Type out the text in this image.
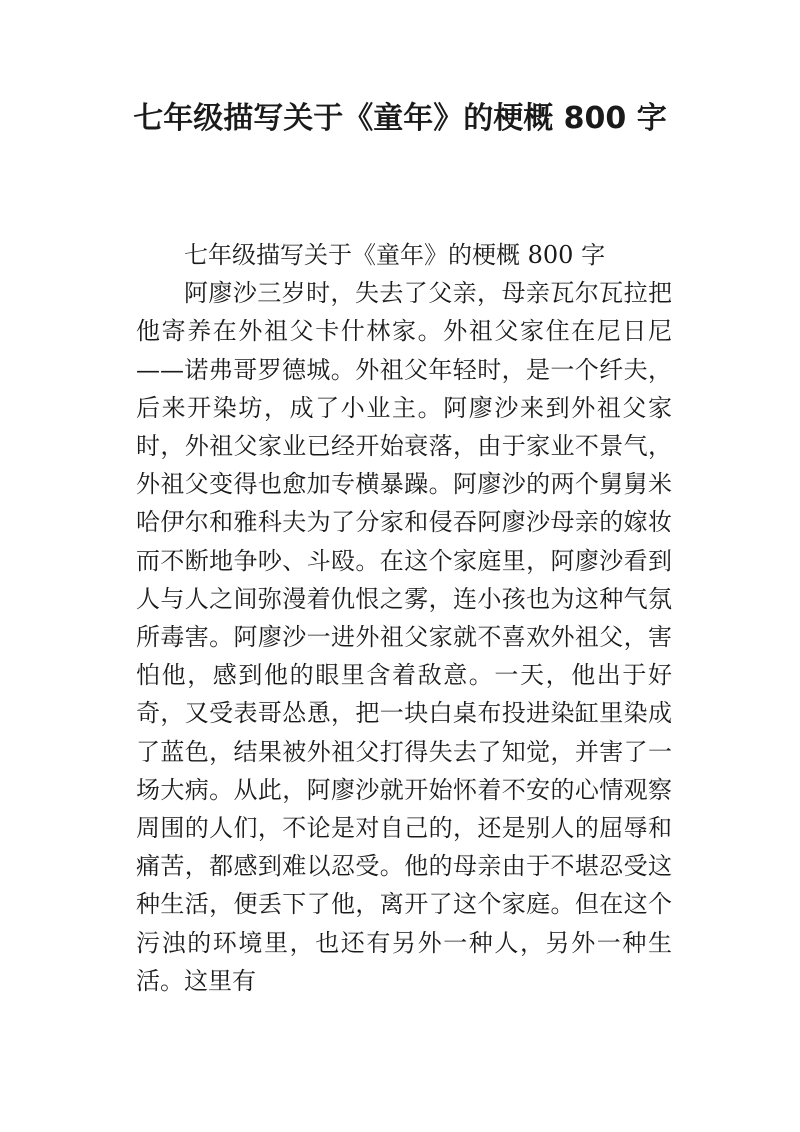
七年级描写关于《童年》的梗概 800 字

七年级描写关于《童年》的梗概 800 字

阿廖沙三岁时，失去了父亲，母亲瓦尔瓦拉把他寄养在外祖父卡什林家。外祖父家住在尼日尼——诺弗哥罗德城。外祖父年轻时，是一个纤夫，后来开染坊，成了小业主。阿廖沙来到外祖父家时，外祖父家业已经开始衰落，由于家业不景气，外祖父变得也愈加专横暴躁。阿廖沙的两个舅舅米哈伊尔和雅科夫为了分家和侵吞阿廖沙母亲的嫁妆而不断地争吵、斗殴。在这个家庭里，阿廖沙看到人与人之间弥漫着仇恨之雾，连小孩也为这种气氛所毒害。阿廖沙一进外祖父家就不喜欢外祖父，害怕他，感到他的眼里含着敌意。一天，他出于好奇，又受表哥怂恿，把一块白桌布投进染缸里染成了蓝色，结果被外祖父打得失去了知觉，并害了一场大病。从此，阿廖沙就开始怀着不安的心情观察周围的人们，不论是对自己的，还是别人的屈辱和痛苦，都感到难以忍受。他的母亲由于不堪忍受这种生活，便丢下了他，离开了这个家庭。但在这个污浊的环境里，也还有另外一种人，另外一种生活。这里有
